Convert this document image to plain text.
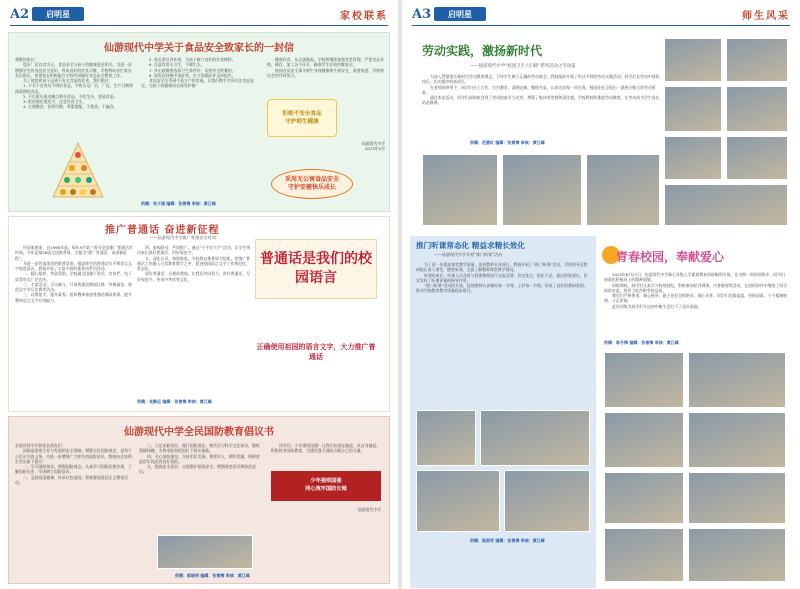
A2	启明星	家校联系
仙游现代中学关于食品安全致家长的一封信

尊敬的家长：

您好！民以食为天，食品安全与孩子的健康息息相关。为进一步增强学生的食品安全意识，养成良好的饮食习惯，学校特向各位家长发出倡议，希望家长积极配合学校共同做好食品安全教育工作。

为了使您和孩子远离不安全食品的危害，我们倡议：

1. 不买不食来历不明的食品，不购买无厂名、厂址、生产日期和保质期的食品。

2. 不在街头流动摊点购买食品，不吃生冷、变质食品。

3. 饭前便后要洗手，注意饮食卫生。

4. 合理膳食，营养均衡，荤素搭配，不挑食，不偏食。

5. 家长要以身作则，为孩子树立良好的饮食榜样。

6. 注意饮用水卫生，不喝生水。

7. 外出就餐要选择卫生条件好、证照齐全的餐馆。

8. 如发现食物中毒症状，应立即就医并及时报告。

食品安全关系到千家万户的幸福，让我们携手共同关注食品安全，为孩子的健康成长保驾护航！

健康饮食，从点滴做起。学校将继续加强食堂管理，严把食品采购、储存、加工各个环节，确保学生在校用餐安全。

校园食品安全事关师生身体健康和生命安全，需要家庭、学校和社会的共同努力。

拒绝不安全食品
守护师生健康
仙游现代中学
2023年9月
采用无公害食品安全
守护安健快乐成长
供稿：张子涵 编辑：张雪梅 审核：黄江峰
推广普通话 奋进新征程
——仙游现代中学推广普通话宣传周

经国家批准，自1998年起，每年9月第三周为全国推广普通话宣传周。今年是第26届全国推普周，主题为“推广普通话，奋进新征程”。

为进一步营造浓厚的推普氛围，提高师生的普通话水平和语言文字规范意识，我校开展了丰富多彩的推普周系列活动。

一、精心组织，营造氛围。学校通过国旗下讲话、宣传栏、电子屏等形式广泛宣传。

二、丰富活动，全员参与。开展普通话朗诵比赛、经典诵读、规范汉字书写比赛等活动。

三、以赛促学，提升素养。组织教师参加普通话测试培训，提升教师语言文字应用能力。

四、家校联动，共同推广。通过“小手拉大手”活动，让学生带动家长说好普通话，用好规范字。

五、深化认识，持续推进。学校将以推普周为契机，把推广普通话工作融入日常教育教学之中，促进校园语言文字工作规范化、常态化。

说好普通话，方便你我他。让我们共同努力，讲好普通话，写好规范字，传承中华优秀文化。

普通话是我们的校园语言
正确使用祖国的语言文字，大力推广普通话
供稿：张静远 编辑：张雪梅 审核：黄江峰
仙游现代中学全民国防教育倡议书

亲爱的同学们和家长朋友们：

国防是国家生存与发展的安全保障。增强全民国防观念，是每个公民应尽的义务。为进一步增强广大师生的国防意识，我校向全体师生发出如下倡议：

一、学习国防知识，增强国防观念。认真学习国防法律法规，了解国防历史，牢固树立国防意识。

二、弘扬爱国精神，传承红色基因。积极参加爱国主义教育活动。

三、立足本职岗位，践行国防责任。刻苦学习科学文化知识，锻炼强健体魄，为将来报效祖国打下坚实基础。

四、关心国防建设，支持军队发展。尊重军人，拥军优属，积极营造崇军尚武的良好氛围。

五、提高安全意识，自觉维护国家安全。增强保密意识和防范意识。

同学们，少年强则国强！让我们从现在做起，从自身做起，积极投身国防教育，为建设强大国防贡献自己的力量。

少年强则国强
同心筑牢国防长城
仙游现代中学
供稿：郭晓明 编辑：张雪梅 审核：黄江峰
A3	启明星	师生风采
劳动实践，激扬新时代
——仙游现代中学“校园卫生大扫除”系列活动之劳动篇

为深入贯彻落实新时代劳动教育理念，引导学生树立正确的劳动观念，我校组织开展了形式多样的劳动实践活动。同学们在劳动中体验快乐，在实践中收获成长。

在老师的带领下，同学们分工合作，打扫教室、清理走廊、整理书桌，认真完成每一项任务。校园处处呈现出一派热火朝天的劳动景象。

通过本次活动，同学们深刻体会到了劳动的艰辛与光荣，增强了集体荣誉感和责任感。学校将持续推进劳动教育，让劳动成为学生成长的必修课。

供稿：范惠红 编辑：张雪梅 审核：黄江峰
推门听课常态化 精益求精长效化
——仙游现代中学开展“推门听课”活动

为了进一步提高课堂教学质量，促进教师专业成长，我校开展了“推门听课”活动。学校领导及教研组长深入课堂，随堂听课，全面了解教师课堂教学情况。

听课结束后，听课人员及时与授课教师进行交流反馈，肯定优点，指出不足，提出改进建议，切实发挥了听课评课的指导作用。

“推门听课”活动的开展，促使教师认真备好每一节课、上好每一节课，形成了良好的教研氛围，推动学校教育教学质量稳步提升。

供稿：陈丽芳 编辑：张雪梅 审核：黄江峰
青春校园，奉献爱心

2023年8月27日，仙游现代中学新七年级入学素质教育训练顺利开展。在为期一周的训练中，同学们展现出积极向上的精神面貌。

训练期间，同学们认真学习校规校纪，积极参加队列训练、内务整理等活动，在团结协作中增进了同学间的友谊，培养了吃苦耐劳的品质。

教官们严格要求，耐心指导；班主任们全程陪伴，细心关怀。同学们克服高温，坚持训练，个个精神饱满，斗志昂扬。

此次训练为同学们开启初中新生活打下了良好基础。

供稿：陈冬梅 编辑：张雪梅 审核：黄江峰
